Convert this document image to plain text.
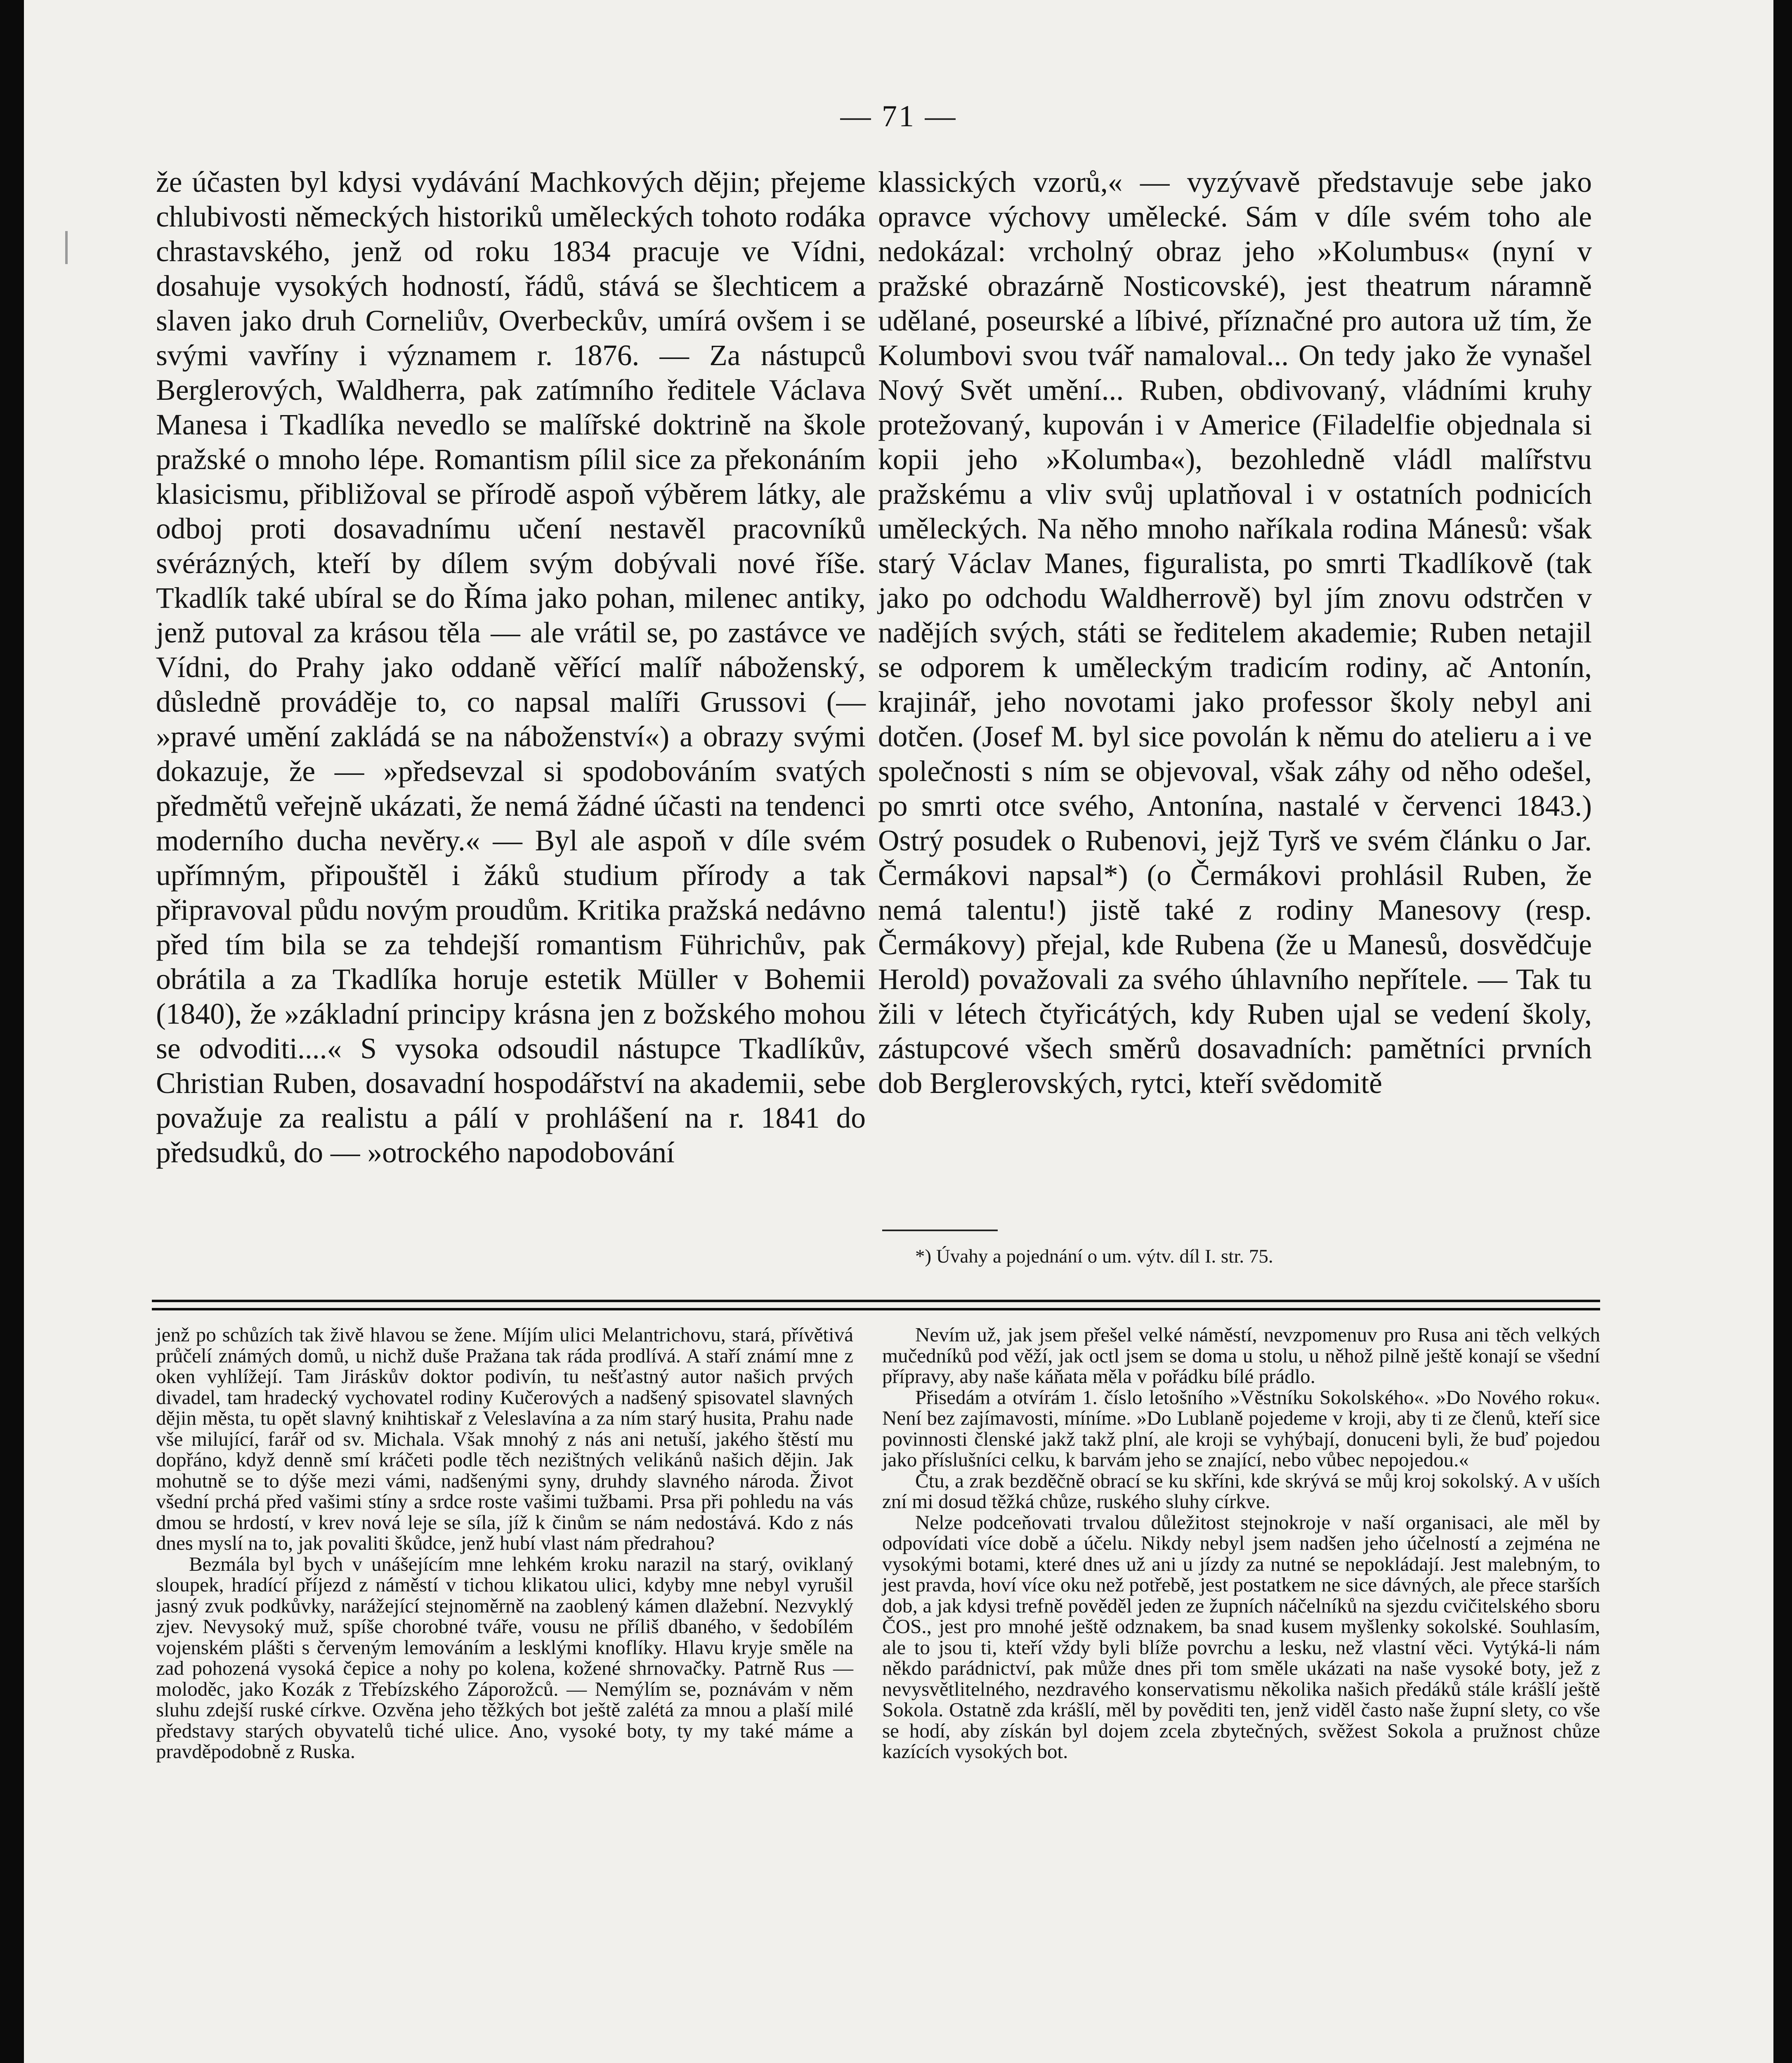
— 71 —

že účasten byl kdysi vydávání Machkových dějin; přejeme chlubivosti německých historiků uměleckých tohoto rodáka chrastavského, jenž od roku 1834 pracuje ve Vídni, dosahuje vysokých hodností, řádů, stává se šlechticem a slaven jako druh Corneliův, Overbeckův, umírá ovšem i se svými vavříny i významem r. 1876. — Za nástupců Berglerových, Waldherra, pak zatímního ředitele Václava Manesa i Tkadlíka nevedlo se malířské doktrině na škole pražské o mnoho lépe. Romantism pílil sice za překonáním klasicismu, přibližoval se přírodě aspoň výběrem látky, ale odboj proti dosavadnímu učení nestavěl pracovníků svérázných, kteří by dílem svým dobývali nové říše. Tkadlík také ubíral se do Říma jako pohan, milenec antiky, jenž putoval za krásou těla — ale vrátil se, po zastávce ve Vídni, do Prahy jako oddaně věřící malíř náboženský, důsledně prováděje to, co napsal malíři Grussovi (— »pravé umění zakládá se na náboženství«) a obrazy svými dokazuje, že — »předsevzal si spodobováním svatých předmětů veřejně ukázati, že nemá žádné účasti na tendenci moderního ducha nevěry.« — Byl ale aspoň v díle svém upřímným, připouštěl i žáků studium přírody a tak připravoval půdu novým proudům. Kritika pražská nedávno před tím bila se za tehdejší romantism Führichův, pak obrátila a za Tkadlíka horuje estetik Müller v Bohemii (1840), že »základní principy krásna jen z božského mohou se odvoditi....« S vysoka odsoudil nástupce Tkadlíkův, Christian Ruben, dosavadní hospodářství na akademii, sebe považuje za realistu a pálí v prohlášení na r. 1841 do předsudků, do — »otrockého napodobování

klassických vzorů,« — vyzývavě představuje sebe jako opravce výchovy umělecké. Sám v díle svém toho ale nedokázal: vrcholný obraz jeho »Kolumbus« (nyní v pražské obrazárně Nosticovské), jest theatrum náramně udělané, poseurské a líbivé, příznačné pro autora už tím, že Kolumbovi svou tvář namaloval... On tedy jako že vynašel Nový Svět umění... Ruben, obdivovaný, vládními kruhy protežovaný, kupován i v Americe (Filadelfie objednala si kopii jeho »Kolumba«), bezohledně vládl malířstvu pražskému a vliv svůj uplatňoval i v ostatních podnicích uměleckých. Na něho mnoho naříkala rodina Mánesů: však starý Václav Manes, figuralista, po smrti Tkadlíkově (tak jako po odchodu Waldherrově) byl jím znovu odstrčen v nadějích svých, státi se ředitelem akademie; Ruben netajil se odporem k uměleckým tradicím rodiny, ač Antonín, krajinář, jeho novotami jako professor školy nebyl ani dotčen. (Josef M. byl sice povolán k němu do atelieru a i ve společnosti s ním se objevoval, však záhy od něho odešel, po smrti otce svého, Antonína, nastalé v červenci 1843.) Ostrý posudek o Rubenovi, jejž Tyrš ve svém článku o Jar. Čermákovi napsal*) (o Čermákovi prohlásil Ruben, že nemá talentu!) jistě také z rodiny Manesovy (resp. Čermákovy) přejal, kde Rubena (že u Manesů, dosvědčuje Herold) považovali za svého úhlavního nepřítele. — Tak tu žili v létech čtyřicátých, kdy Ruben ujal se vedení školy, zástupcové všech směrů dosavadních: pamětníci prvních dob Berglerovských, rytci, kteří svědomitě

*) Úvahy a pojednání o um. výtv. díl I. str. 75.

jenž po schůzích tak živě hlavou se žene. Míjím ulici Melantrichovu, stará, přívětivá průčelí známých domů, u nichž duše Pražana tak ráda prodlívá. A staří známí mne z oken vyhlížejí. Tam Jiráskův doktor podivín, tu nešťastný autor našich prvých divadel, tam hradecký vychovatel rodiny Kučerových a nadšený spisovatel slavných dějin města, tu opět slavný knihtiskař z Veleslavína a za ním starý husita, Prahu nade vše milující, farář od sv. Michala. Však mnohý z nás ani netuší, jakého štěstí mu dopřáno, když denně smí kráčeti podle těch nezištných velikánů našich dějin. Jak mohutně se to dýše mezi vámi, nadšenými syny, druhdy slavného národa. Život všední prchá před vašimi stíny a srdce roste vašimi tužbami. Prsa při pohledu na vás dmou se hrdostí, v krev nová leje se síla, jíž k činům se nám nedostává. Kdo z nás dnes myslí na to, jak povaliti škůdce, jenž hubí vlast nám předrahou?

Bezmála byl bych v unášejícím mne lehkém kroku narazil na starý, oviklaný sloupek, hradící příjezd z náměstí v tichou klikatou ulici, kdyby mne nebyl vyrušil jasný zvuk podkůvky, narážející stejnoměrně na zaoblený kámen dlažební. Nezvyklý zjev. Nevysoký muž, spíše chorobné tváře, vousu ne příliš dbaného, v šedobílém vojenském plášti s červeným lemováním a lesklými knoflíky. Hlavu kryje směle na zad pohozená vysoká čepice a nohy po kolena, kožené shrnovačky. Patrně Rus — moloděc, jako Kozák z Třebízského Záporožců. — Nemýlím se, poznávám v něm sluhu zdejší ruské církve. Ozvěna jeho těžkých bot ještě zalétá za mnou a plaší milé představy starých obyvatelů tiché ulice. Ano, vysoké boty, ty my také máme a pravděpodobně z Ruska.

Nevím už, jak jsem přešel velké náměstí, nevzpomenuv pro Rusa ani těch velkých mučedníků pod věží, jak octl jsem se doma u stolu, u něhož pilně ještě konají se všední přípravy, aby naše káňata měla v pořádku bílé prádlo.

Přisedám a otvírám 1. číslo letošního »Věstníku Sokolského«. »Do Nového roku«. Není bez zajímavosti, míníme. »Do Lublaně pojedeme v kroji, aby ti ze členů, kteří sice povinnosti členské jakž takž plní, ale kroji se vyhýbají, donuceni byli, že buď pojedou jako příslušníci celku, k barvám jeho se znající, nebo vůbec nepojedou.«

Čtu, a zrak bezděčně obrací se ku skříni, kde skrývá se můj kroj sokolský. A v uších zní mi dosud těžká chůze, ruského sluhy církve.

Nelze podceňovati trvalou důležitost stejnokroje v naší organisaci, ale měl by odpovídati více době a účelu. Nikdy nebyl jsem nadšen jeho účelností a zejména ne vysokými botami, které dnes už ani u jízdy za nutné se nepokládají. Jest malebným, to jest pravda, hoví více oku než potřebě, jest postatkem ne sice dávných, ale přece starších dob, a jak kdysi trefně pověděl jeden ze župních náčelníků na sjezdu cvičitelského sboru ČOS., jest pro mnohé ještě odznakem, ba snad kusem myšlenky sokolské. Souhlasím, ale to jsou ti, kteří vždy byli blíže povrchu a lesku, než vlastní věci. Vytýká-li nám někdo parádnictví, pak může dnes při tom směle ukázati na naše vysoké boty, jež z nevysvětlitelného, nezdravého konservatismu několika našich předáků stále krášlí ještě Sokola. Ostatně zda krášlí, měl by pověditi ten, jenž viděl často naše župní slety, co vše se hodí, aby získán byl dojem zcela zbytečných, svěžest Sokola a pružnost chůze kazících vysokých bot.
